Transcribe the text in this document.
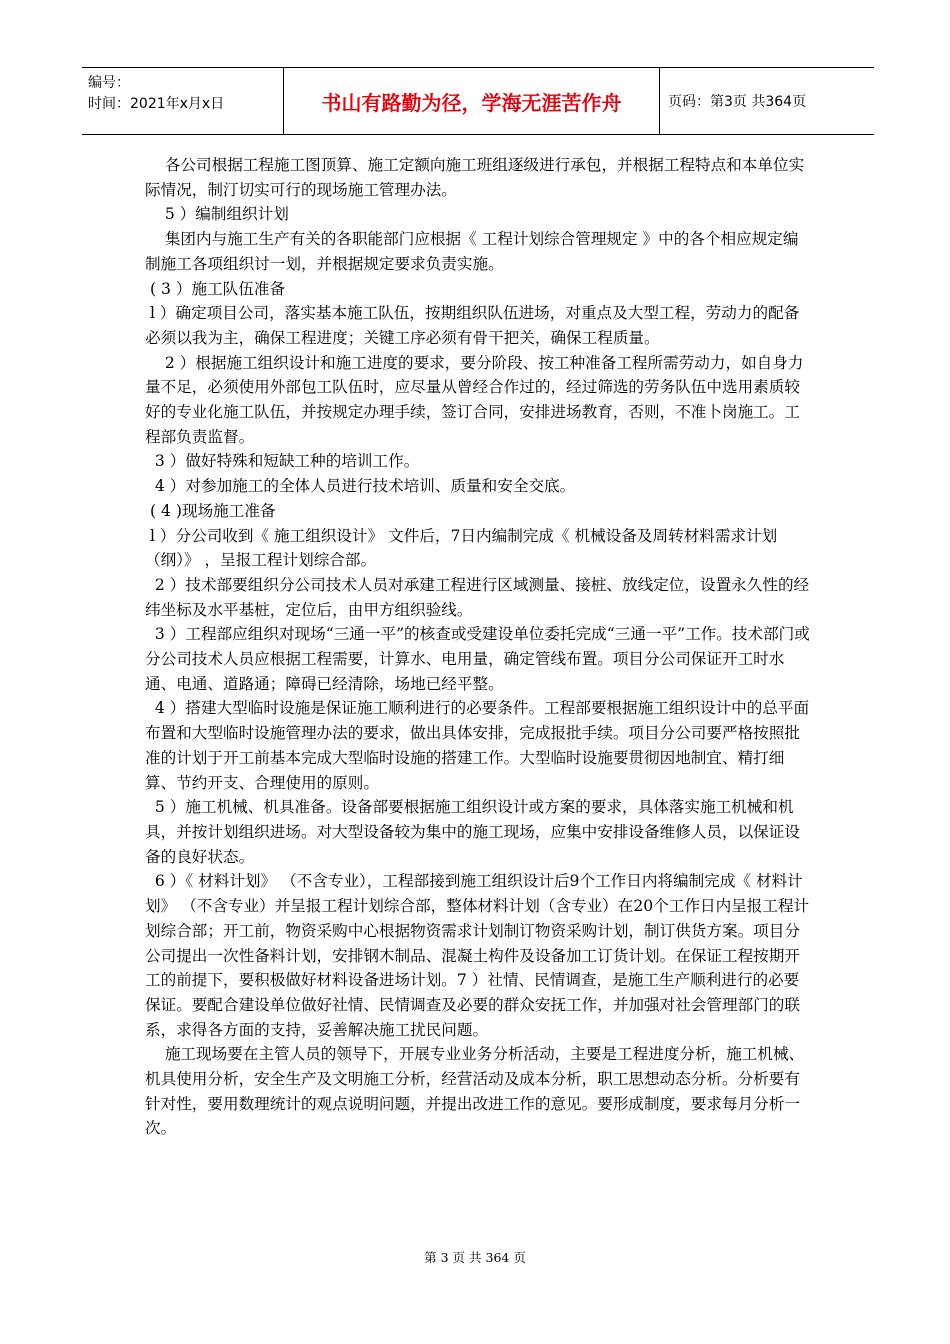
编号：
时间：2021年x月x日	书山有路勤为径，学海无涯苦作舟	页码：第3页 共364页

各公司根据工程施工图顶算、施工定额向施工班组逐级进行承包，并根据工程特点和本单位实际情况，制汀切实可行的现场施工管理办法。

5 ）编制组织计划

集团内与施工生产有关的各职能部门应根据《 工程计划综合管理规定 》中的各个相应规定编制施工各项组织讨一划，并根据规定要求负责实施。

( 3 ）施工队伍准备

l ）确定项目公司，落实基本施工队伍，按期组织队伍进场，对重点及大型工程，劳动力的配备必须以我为主，确保工程进度；关键工序必须有骨干把关，确保工程质量。

2 ）根据施工组织设计和施工进度的要求，要分阶段、按工种准备工程所需劳动力，如自身力量不足，必须使用外部包工队伍时，应尽量从曾经合作过的，经过筛选的劳务队伍中选用素质较好的专业化施工队伍，并按规定办理手续，签订合同，安排进场教育，否则，不准卜岗施工。工程部负责监督。

3 ）做好特殊和短缺工种的培训工作。

4 ）对参加施工的全体人员进行技术培训、质量和安全交底。

( 4 )现场施工准备

l ）分公司收到《 施工组织设计》 文件后，7日内编制完成《 机械设备及周转材料需求计划（纲）》 ，呈报工程计划综合部。

2 ）技术部要组织分公司技术人员对承建工程进行区域测量、接桩、放线定位，设置永久性的经纬坐标及水平基桩，定位后，由甲方组织验线。

3 ）工程部应组织对现场“三通一平”的核查或受建设单位委托完成“三通一平”工作。技术部门或分公司技术人员应根据工程需要，计算水、电用量，确定管线布置。项目分公司保证开工时水通、电通、道路通；障碍已经清除，场地已经平整。

4 ）搭建大型临时设施是保证施工顺利进行的必要条件。工程部要根据施工组织设计中的总平面布置和大型临时设施管理办法的要求，做出具体安排，完成报批手续。项目分公司要严格按照批准的计划于开工前基本完成大型临时设施的搭建工作。大型临时设施要贯彻因地制宜、精打细算、节约开支、合理使用的原则。

5 ）施工机械、机具准备。设备部要根据施工组织设计或方案的要求，具体落实施工机械和机具，并按计划组织进场。对大型设备较为集中的施工现场，应集中安排设备维修人员，以保证设备的良好状态。

6 ）《 材料计划》 （不含专业），工程部接到施工组织设计后9个工作日内将编制完成《 材料计划》 （不含专业）并呈报工程计划综合部，整体材料计划（含专业）在20个工作日内呈报工程计划综合部；开工前，物资采购中心根据物资需求计划制订物资采购计划，制订供货方案。项目分公司提出一次性备料计划，安排钢木制品、混凝土构件及设备加工订货计划。在保证工程按期开工的前提下，要积极做好材料设备进场计划。7 ）社情、民情调查，是施工生产顺利进行的必要保证。要配合建设单位做好社情、民情调查及必要的群众安抚工作，并加强对社会管理部门的联系，求得各方面的支持，妥善解决施工扰民问题。

施工现场要在主管人员的领导下，开展专业业务分析活动，主要是工程进度分析，施工机械、机具使用分析，安全生产及文明施工分析，经营活动及成本分析，职工思想动态分析。分析要有针对性，要用数理统计的观点说明问题，并提出改进工作的意见。要形成制度，要求每月分析一次。

第 3 页 共 364 页
